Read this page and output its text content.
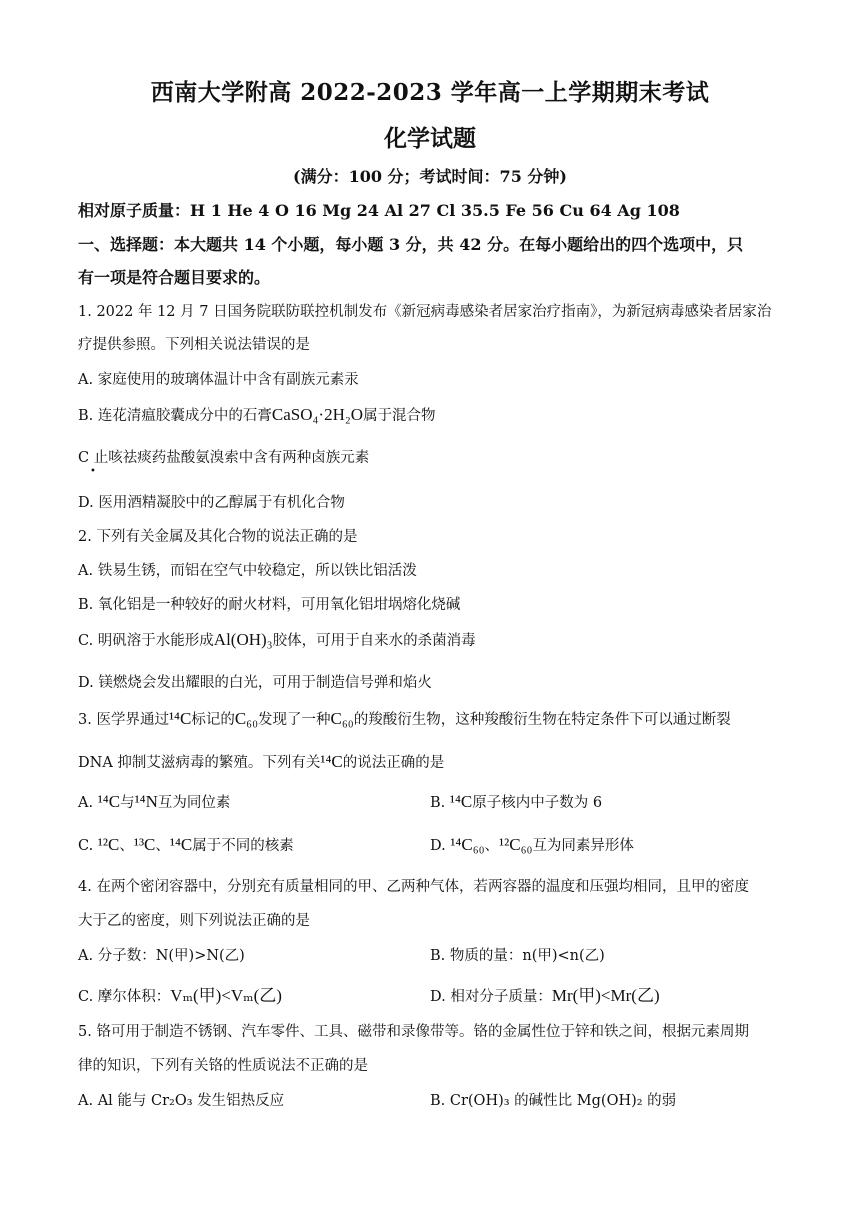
西南大学附高 2022-2023 学年高一上学期期末考试
化学试题
(满分：100 分；考试时间：75 分钟)
相对原子质量：H 1 He 4 O 16 Mg 24 Al 27 Cl 35.5 Fe 56 Cu 64 Ag 108
一、选择题：本大题共 14 个小题，每小题 3 分，共 42 分。在每小题给出的四个选项中，只
有一项是符合题目要求的。
1. 2022 年 12 月 7 日国务院联防联控机制发布《新冠病毒感染者居家治疗指南》，为新冠病毒感染者居家治
疗提供参照。下列相关说法错误的是
A. 家庭使用的玻璃体温计中含有副族元素汞
B. 连花清瘟胶囊成分中的石膏CaSO₄·2H₂O属于混合物
C 止咳祛痰药盐酸氨溴索中含有两种卤族元素
•
D. 医用酒精凝胶中的乙醇属于有机化合物
2. 下列有关金属及其化合物的说法正确的是
A. 铁易生锈，而铝在空气中较稳定，所以铁比铝活泼
B. 氧化铝是一种较好的耐火材料，可用氧化铝坩埚熔化烧碱
C. 明矾溶于水能形成Al(OH)₃胶体，可用于自来水的杀菌消毒
D. 镁燃烧会发出耀眼的白光，可用于制造信号弹和焰火
3. 医学界通过¹⁴C标记的C₆₀发现了一种C₆₀的羧酸衍生物，这种羧酸衍生物在特定条件下可以通过断裂
DNA 抑制艾滋病毒的繁殖。下列有关¹⁴C的说法正确的是
A. ¹⁴C与¹⁴N互为同位素	B. ¹⁴C原子核内中子数为 6
C. ¹²C、¹³C、¹⁴C属于不同的核素	D. ¹⁴C₆₀、¹²C₆₀互为同素异形体
4. 在两个密闭容器中，分别充有质量相同的甲、乙两种气体，若两容器的温度和压强均相同，且甲的密度
大于乙的密度，则下列说法正确的是
A. 分子数：N(甲)>N(乙)	B. 物质的量：n(甲)<n(乙)
C. 摩尔体积：Vₘ(甲)<Vₘ(乙)	D. 相对分子质量：Mr(甲)<Mr(乙)
5. 铬可用于制造不锈钢、汽车零件、工具、磁带和录像带等。铬的金属性位于锌和铁之间，根据元素周期
律的知识，下列有关铬的性质说法不正确的是
A. Al 能与 Cr₂O₃ 发生铝热反应	B. Cr(OH)₃ 的碱性比 Mg(OH)₂ 的弱
